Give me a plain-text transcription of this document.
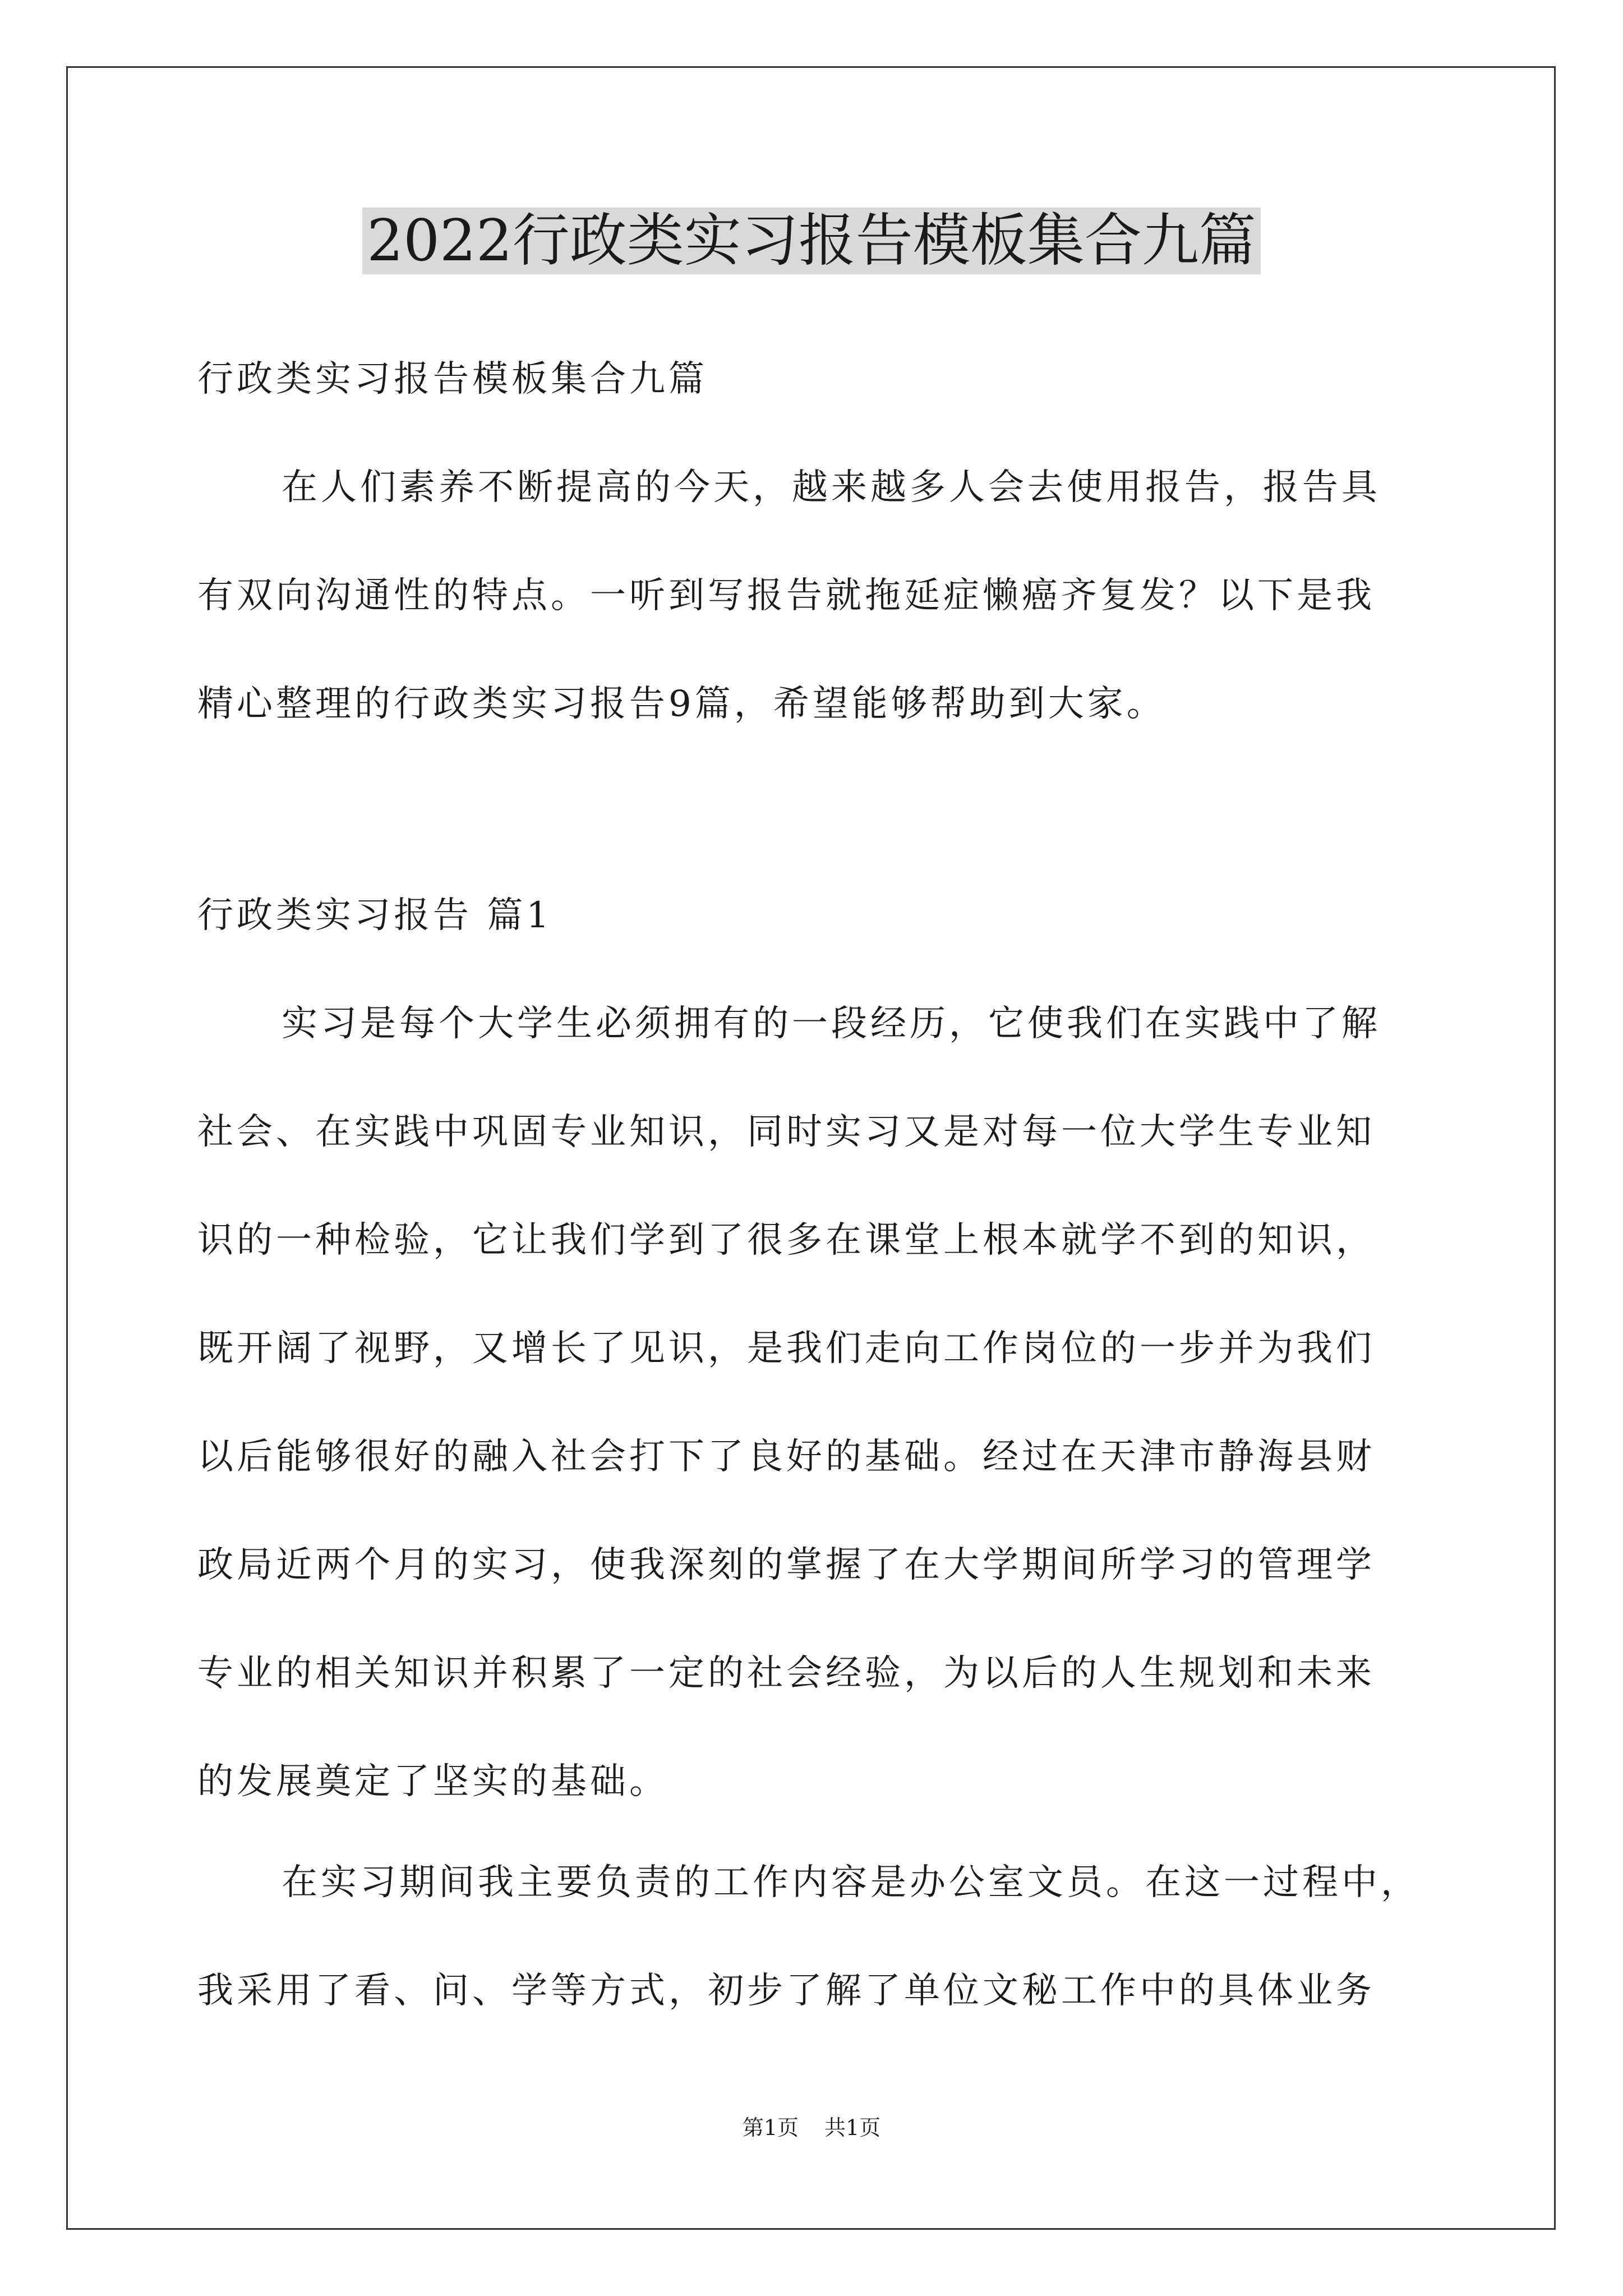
2022行政类实习报告模板集合九篇

行政类实习报告模板集合九篇

在人们素养不断提高的今天，越来越多人会去使用报告，报告具

有双向沟通性的特点。一听到写报告就拖延症懒癌齐复发？以下是我

精心整理的行政类实习报告9篇，希望能够帮助到大家。

行政类实习报告 篇1

实习是每个大学生必须拥有的一段经历，它使我们在实践中了解

社会、在实践中巩固专业知识，同时实习又是对每一位大学生专业知

识的一种检验，它让我们学到了很多在课堂上根本就学不到的知识，

既开阔了视野，又增长了见识，是我们走向工作岗位的一步并为我们

以后能够很好的融入社会打下了良好的基础。经过在天津市静海县财

政局近两个月的实习，使我深刻的掌握了在大学期间所学习的管理学

专业的相关知识并积累了一定的社会经验，为以后的人生规划和未来

的发展奠定了坚实的基础。

在实习期间我主要负责的工作内容是办公室文员。在这一过程中，

我采用了看、问、学等方式，初步了解了单位文秘工作中的具体业务

第1页 共1页
